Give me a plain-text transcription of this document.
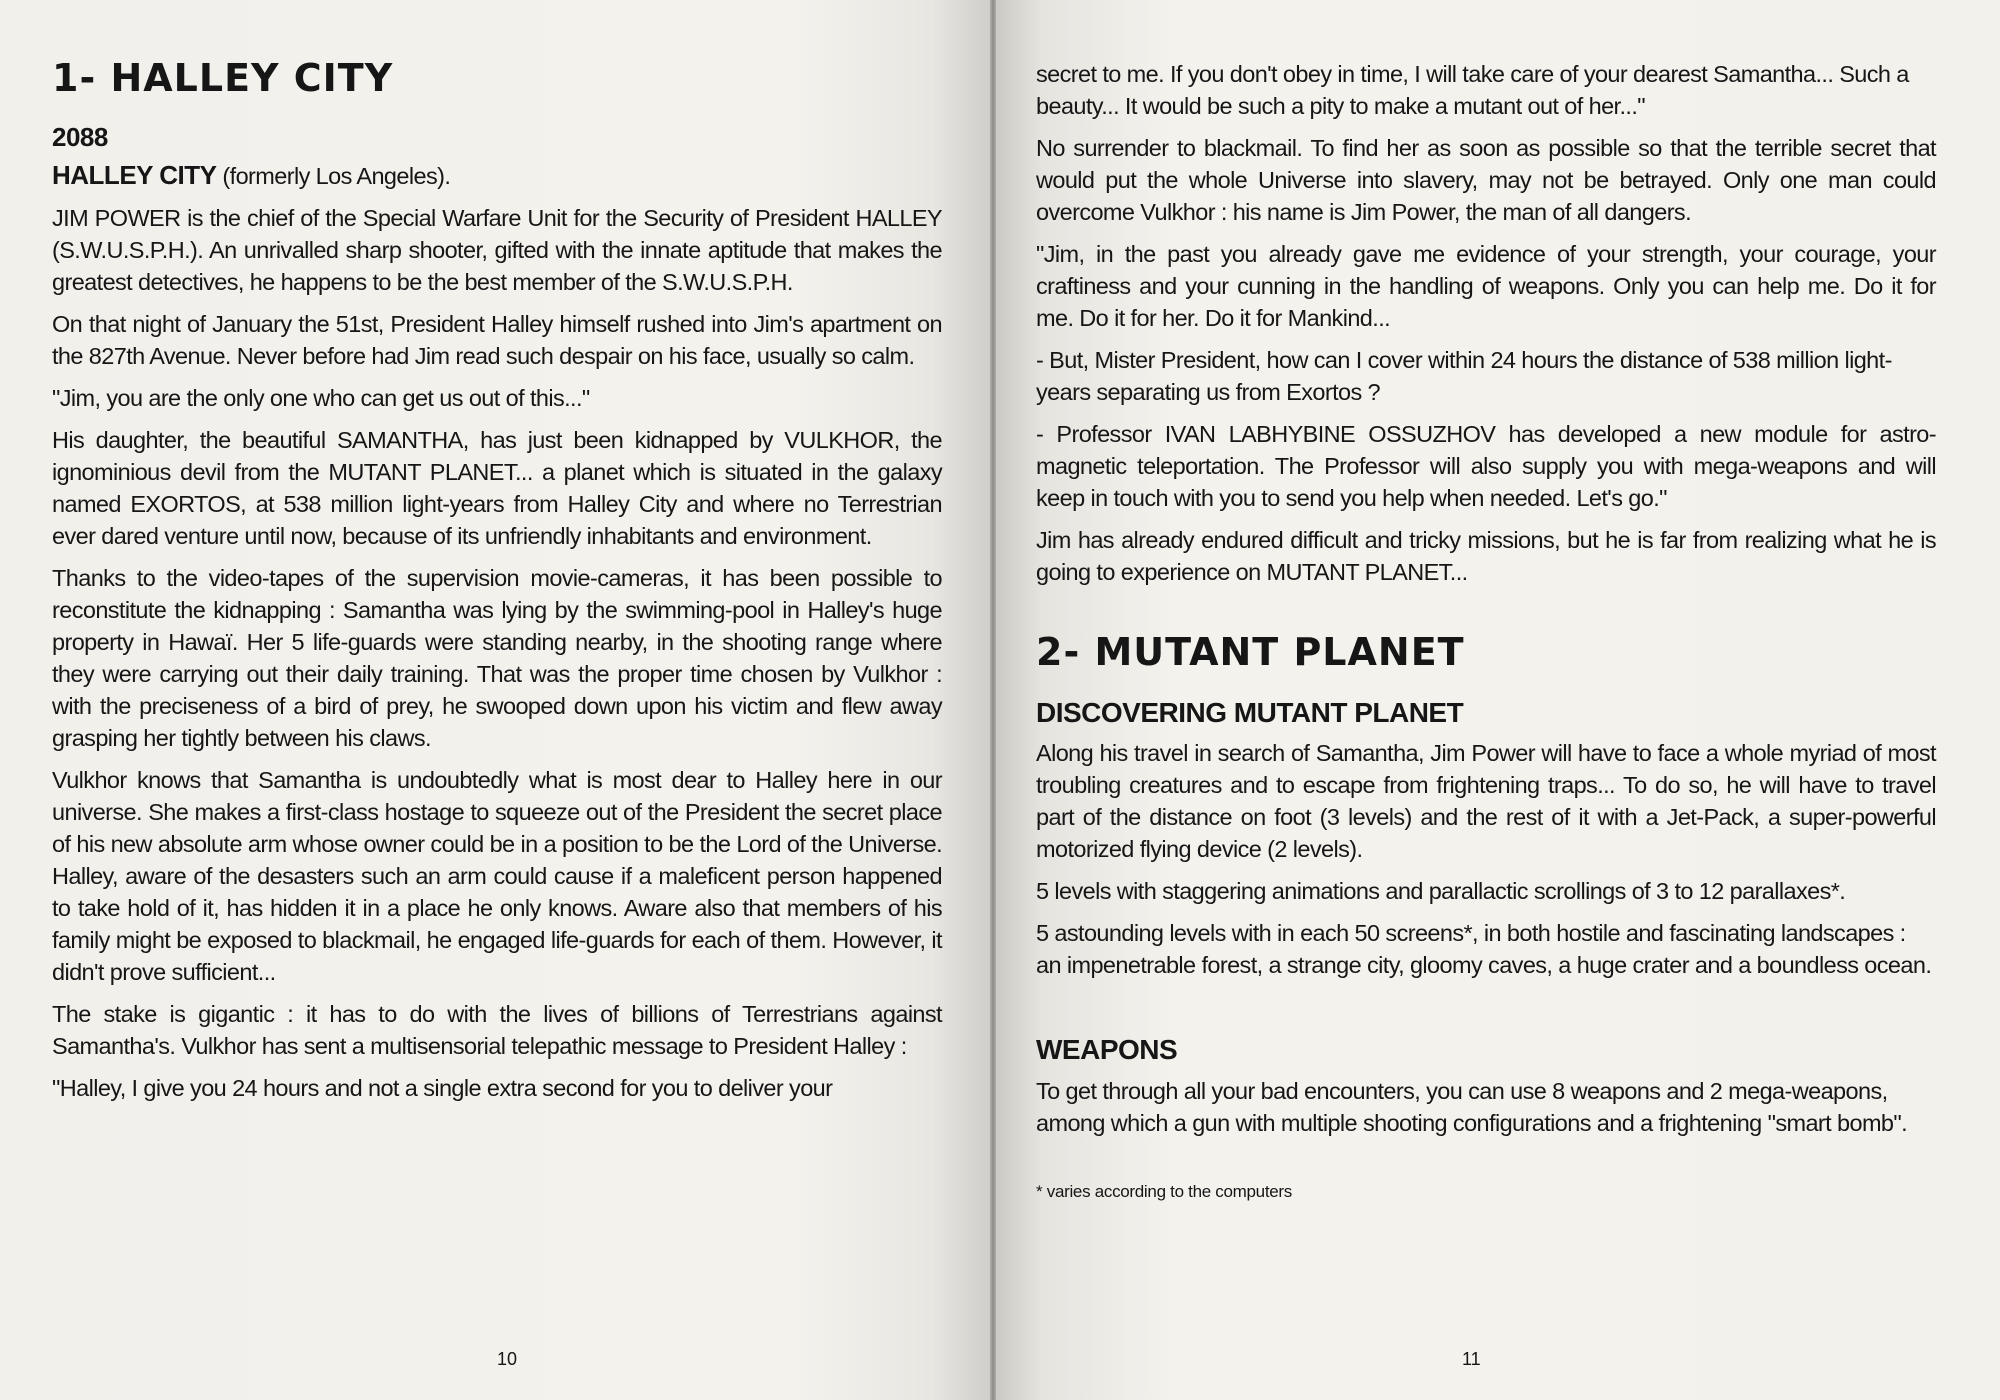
1- HALLEY CITY
2088

HALLEY CITY (formerly Los Angeles).

JIM POWER is the chief of the Special Warfare Unit for the Security of President HALLEY (S.W.U.S.P.H.). An unrivalled sharp shooter, gifted with the innate aptitude that makes the greatest detectives, he happens to be the best member of the S.W.U.S.P.H.

On that night of January the 51st, President Halley himself rushed into Jim's apartment on the 827th Avenue. Never before had Jim read such despair on his face, usually so calm.

"Jim, you are the only one who can get us out of this..."

His daughter, the beautiful SAMANTHA, has just been kidnapped by VULKHOR, the ignominious devil from the MUTANT PLANET... a planet which is situated in the galaxy named EXORTOS, at 538 million light-years from Halley City and where no Terrestrian ever dared venture until now, because of its unfriendly inhabitants and environment.

Thanks to the video-tapes of the supervision movie-cameras, it has been possible to reconstitute the kidnapping : Samantha was lying by the swimming-pool in Halley's huge property in Hawaï. Her 5 life-guards were standing nearby, in the shooting range where they were carrying out their daily training. That was the proper time chosen by Vulkhor : with the preciseness of a bird of prey, he swooped down upon his victim and flew away grasping her tightly between his claws.

Vulkhor knows that Samantha is undoubtedly what is most dear to Halley here in our universe. She makes a first-class hostage to squeeze out of the President the secret place of his new absolute arm whose owner could be in a position to be the Lord of the Universe. Halley, aware of the desasters such an arm could cause if a maleficent person happened to take hold of it, has hidden it in a place he only knows. Aware also that members of his family might be exposed to blackmail, he engaged life-guards for each of them. However, it didn't prove sufficient...

The stake is gigantic : it has to do with the lives of billions of Terrestrians against Samantha's. Vulkhor has sent a multisensorial telepathic message to President Halley :

"Halley, I give you 24 hours and not a single extra second for you to deliver your

10

secret to me. If you don't obey in time, I will take care of your dearest Samantha... Such a beauty... It would be such a pity to make a mutant out of her..."

No surrender to blackmail. To find her as soon as possible so that the terrible secret that would put the whole Universe into slavery, may not be betrayed. Only one man could overcome Vulkhor : his name is Jim Power, the man of all dangers.

"Jim, in the past you already gave me evidence of your strength, your courage, your craftiness and your cunning in the handling of weapons. Only you can help me. Do it for me. Do it for her. Do it for Mankind...

- But, Mister President, how can I cover within 24 hours the distance of 538 million light-years separating us from Exortos ?

- Professor IVAN LABHYBINE OSSUZHOV has developed a new module for astro-magnetic teleportation. The Professor will also supply you with mega-weapons and will keep in touch with you to send you help when needed. Let's go."

Jim has already endured difficult and tricky missions, but he is far from realizing what he is going to experience on MUTANT PLANET...

2- MUTANT PLANET
DISCOVERING MUTANT PLANET

Along his travel in search of Samantha, Jim Power will have to face a whole myriad of most troubling creatures and to escape from frightening traps... To do so, he will have to travel part of the distance on foot (3 levels) and the rest of it with a Jet-Pack, a super-powerful motorized flying device (2 levels).

5 levels with staggering animations and parallactic scrollings of 3 to 12 parallaxes*.

5 astounding levels with in each 50 screens*, in both hostile and fascinating landscapes : an impenetrable forest, a strange city, gloomy caves, a huge crater and a boundless ocean.

WEAPONS

To get through all your bad encounters, you can use 8 weapons and 2 mega-weapons, among which a gun with multiple shooting configurations and a frightening "smart bomb".

* varies according to the computers

11
